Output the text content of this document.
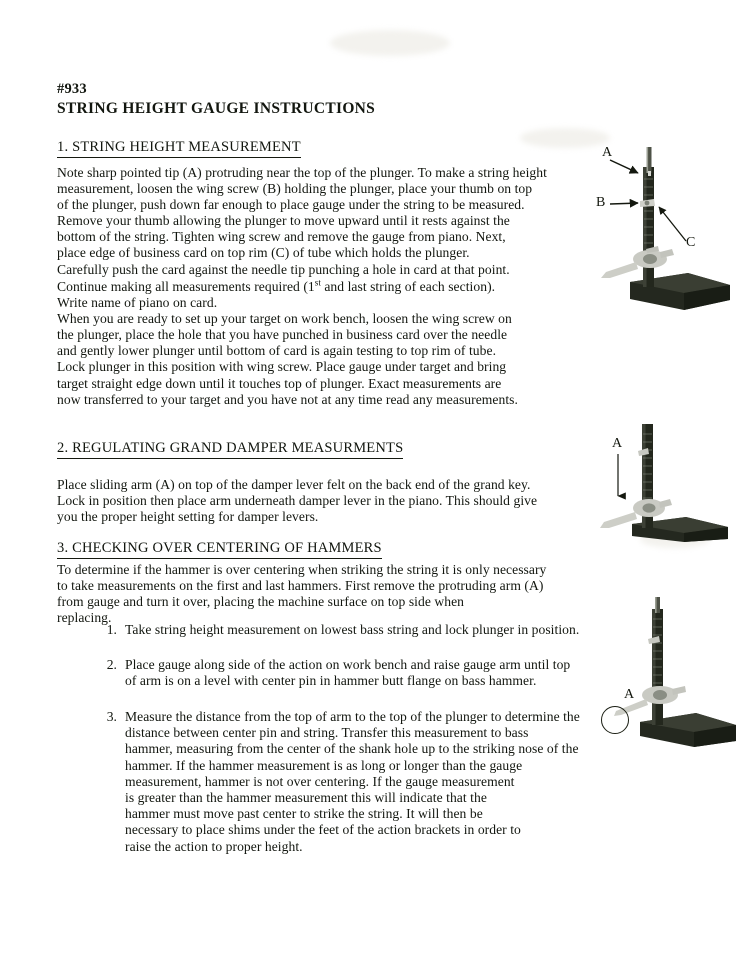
#933
STRING HEIGHT GAUGE INSTRUCTIONS
1. STRING HEIGHT MEASUREMENT
Note sharp pointed tip (A) protruding near the top of the plunger. To make a string height
measurement, loosen the wing screw (B) holding the plunger, place your thumb on top
of the plunger, push down far enough to place gauge under the string to be measured.
Remove your thumb allowing the plunger to move upward until it rests against the
bottom of the string. Tighten wing screw and remove the gauge from piano. Next,
place edge of business card on top rim (C) of tube which holds the plunger.
Carefully push the card against the needle tip punching a hole in card at that point.
Continue making all measurements required (1st and last string of each section).
Write name of piano on card.
When you are ready to set up your target on work bench, loosen the wing screw on
the plunger, place the hole that you have punched in business card over the needle
and gently lower plunger until bottom of card is again testing to top rim of tube.
Lock plunger in this position with wing screw. Place gauge under target and bring
target straight edge down until it touches top of plunger. Exact measurements are
now transferred to your target and you have not at any time read any measurements.
2. REGULATING GRAND DAMPER MEASURMENTS
Place sliding arm (A) on top of the damper lever felt on the back end of the grand key.
Lock in position then place arm underneath damper lever in the piano. This should give
you the proper height setting for damper levers.
3. CHECKING OVER CENTERING OF HAMMERS
To determine if the hammer is over centering when striking the string it is only necessary
to take measurements on the first and last hammers. First remove the protruding arm (A)
from gauge and turn it over, placing the machine surface on top side when
replacing.
1. Take string height measurement on lowest bass string and lock plunger in position.
2. Place gauge along side of the action on work bench and raise gauge arm until top
of arm is on a level with center pin in hammer butt flange on bass hammer.
3. Measure the distance from the top of arm to the top of the plunger to determine the
distance between center pin and string. Transfer this measurement to bass
hammer, measuring from the center of the shank hole up to the striking nose of the
hammer. If the hammer measurement is as long or longer than the gauge
measurement, hammer is not over centering. If the gauge measurement
is greater than the hammer measurement this will indicate that the
hammer must move past center to strike the string. It will then be
necessary to place shims under the feet of the action brackets in order to
raise the action to proper height.
A
B
C
A
A
